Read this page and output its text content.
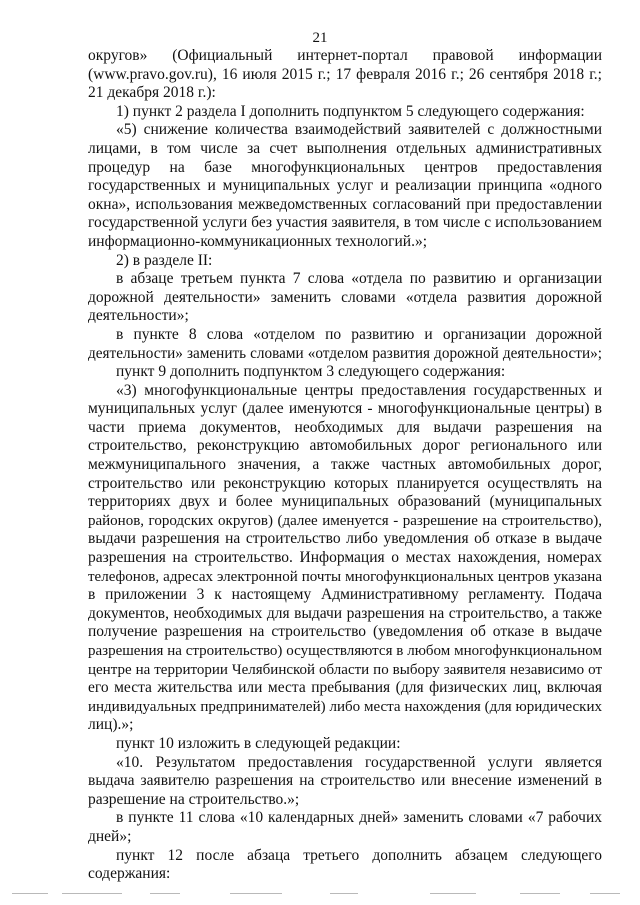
21
округов» (Официальный интернет-портал правовой информации
(www.pravo.gov.ru), 16 июля 2015 г.; 17 февраля 2016 г.; 26 сентября 2018 г.;
21 декабря 2018 г.):
1) пункт 2 раздела I дополнить подпунктом 5 следующего содержания:
«5) снижение количества взаимодействий заявителей с должностными
лицами, в том числе за счет выполнения отдельных административных
процедур на базе многофункциональных центров предоставления
государственных и муниципальных услуг и реализации принципа «одного
окна», использования межведомственных согласований при предоставлении
государственной услуги без участия заявителя, в том числе с использованием
информационно-коммуникационных технологий.»;
2) в разделе II:
в абзаце третьем пункта 7 слова «отдела по развитию и организации
дорожной деятельности» заменить словами «отдела развития дорожной
деятельности»;
в пункте 8 слова «отделом по развитию и организации дорожной
деятельности» заменить словами «отделом развития дорожной деятельности»;
пункт 9 дополнить подпунктом 3 следующего содержания:
«3) многофункциональные центры предоставления государственных и
муниципальных услуг (далее именуются - многофункциональные центры) в
части приема документов, необходимых для выдачи разрешения на
строительство, реконструкцию автомобильных дорог регионального или
межмуниципального значения, а также частных автомобильных дорог,
строительство или реконструкцию которых планируется осуществлять на
территориях двух и более муниципальных образований (муниципальных
районов, городских округов) (далее именуется - разрешение на строительство),
выдачи разрешения на строительство либо уведомления об отказе в выдаче
разрешения на строительство. Информация о местах нахождения, номерах
телефонов, адресах электронной почты многофункциональных центров указана
в приложении 3 к настоящему Административному регламенту. Подача
документов, необходимых для выдачи разрешения на строительство, а также
получение разрешения на строительство (уведомления об отказе в выдаче
разрешения на строительство) осуществляются в любом многофункциональном
центре на территории Челябинской области по выбору заявителя независимо от
его места жительства или места пребывания (для физических лиц, включая
индивидуальных предпринимателей) либо места нахождения (для юридических
лиц).»;
пункт 10 изложить в следующей редакции:
«10. Результатом предоставления государственной услуги является
выдача заявителю разрешения на строительство или внесение изменений в
разрешение на строительство.»;
в пункте 11 слова «10 календарных дней» заменить словами «7 рабочих
дней»;
пункт 12 после абзаца третьего дополнить абзацем следующего
содержания:
